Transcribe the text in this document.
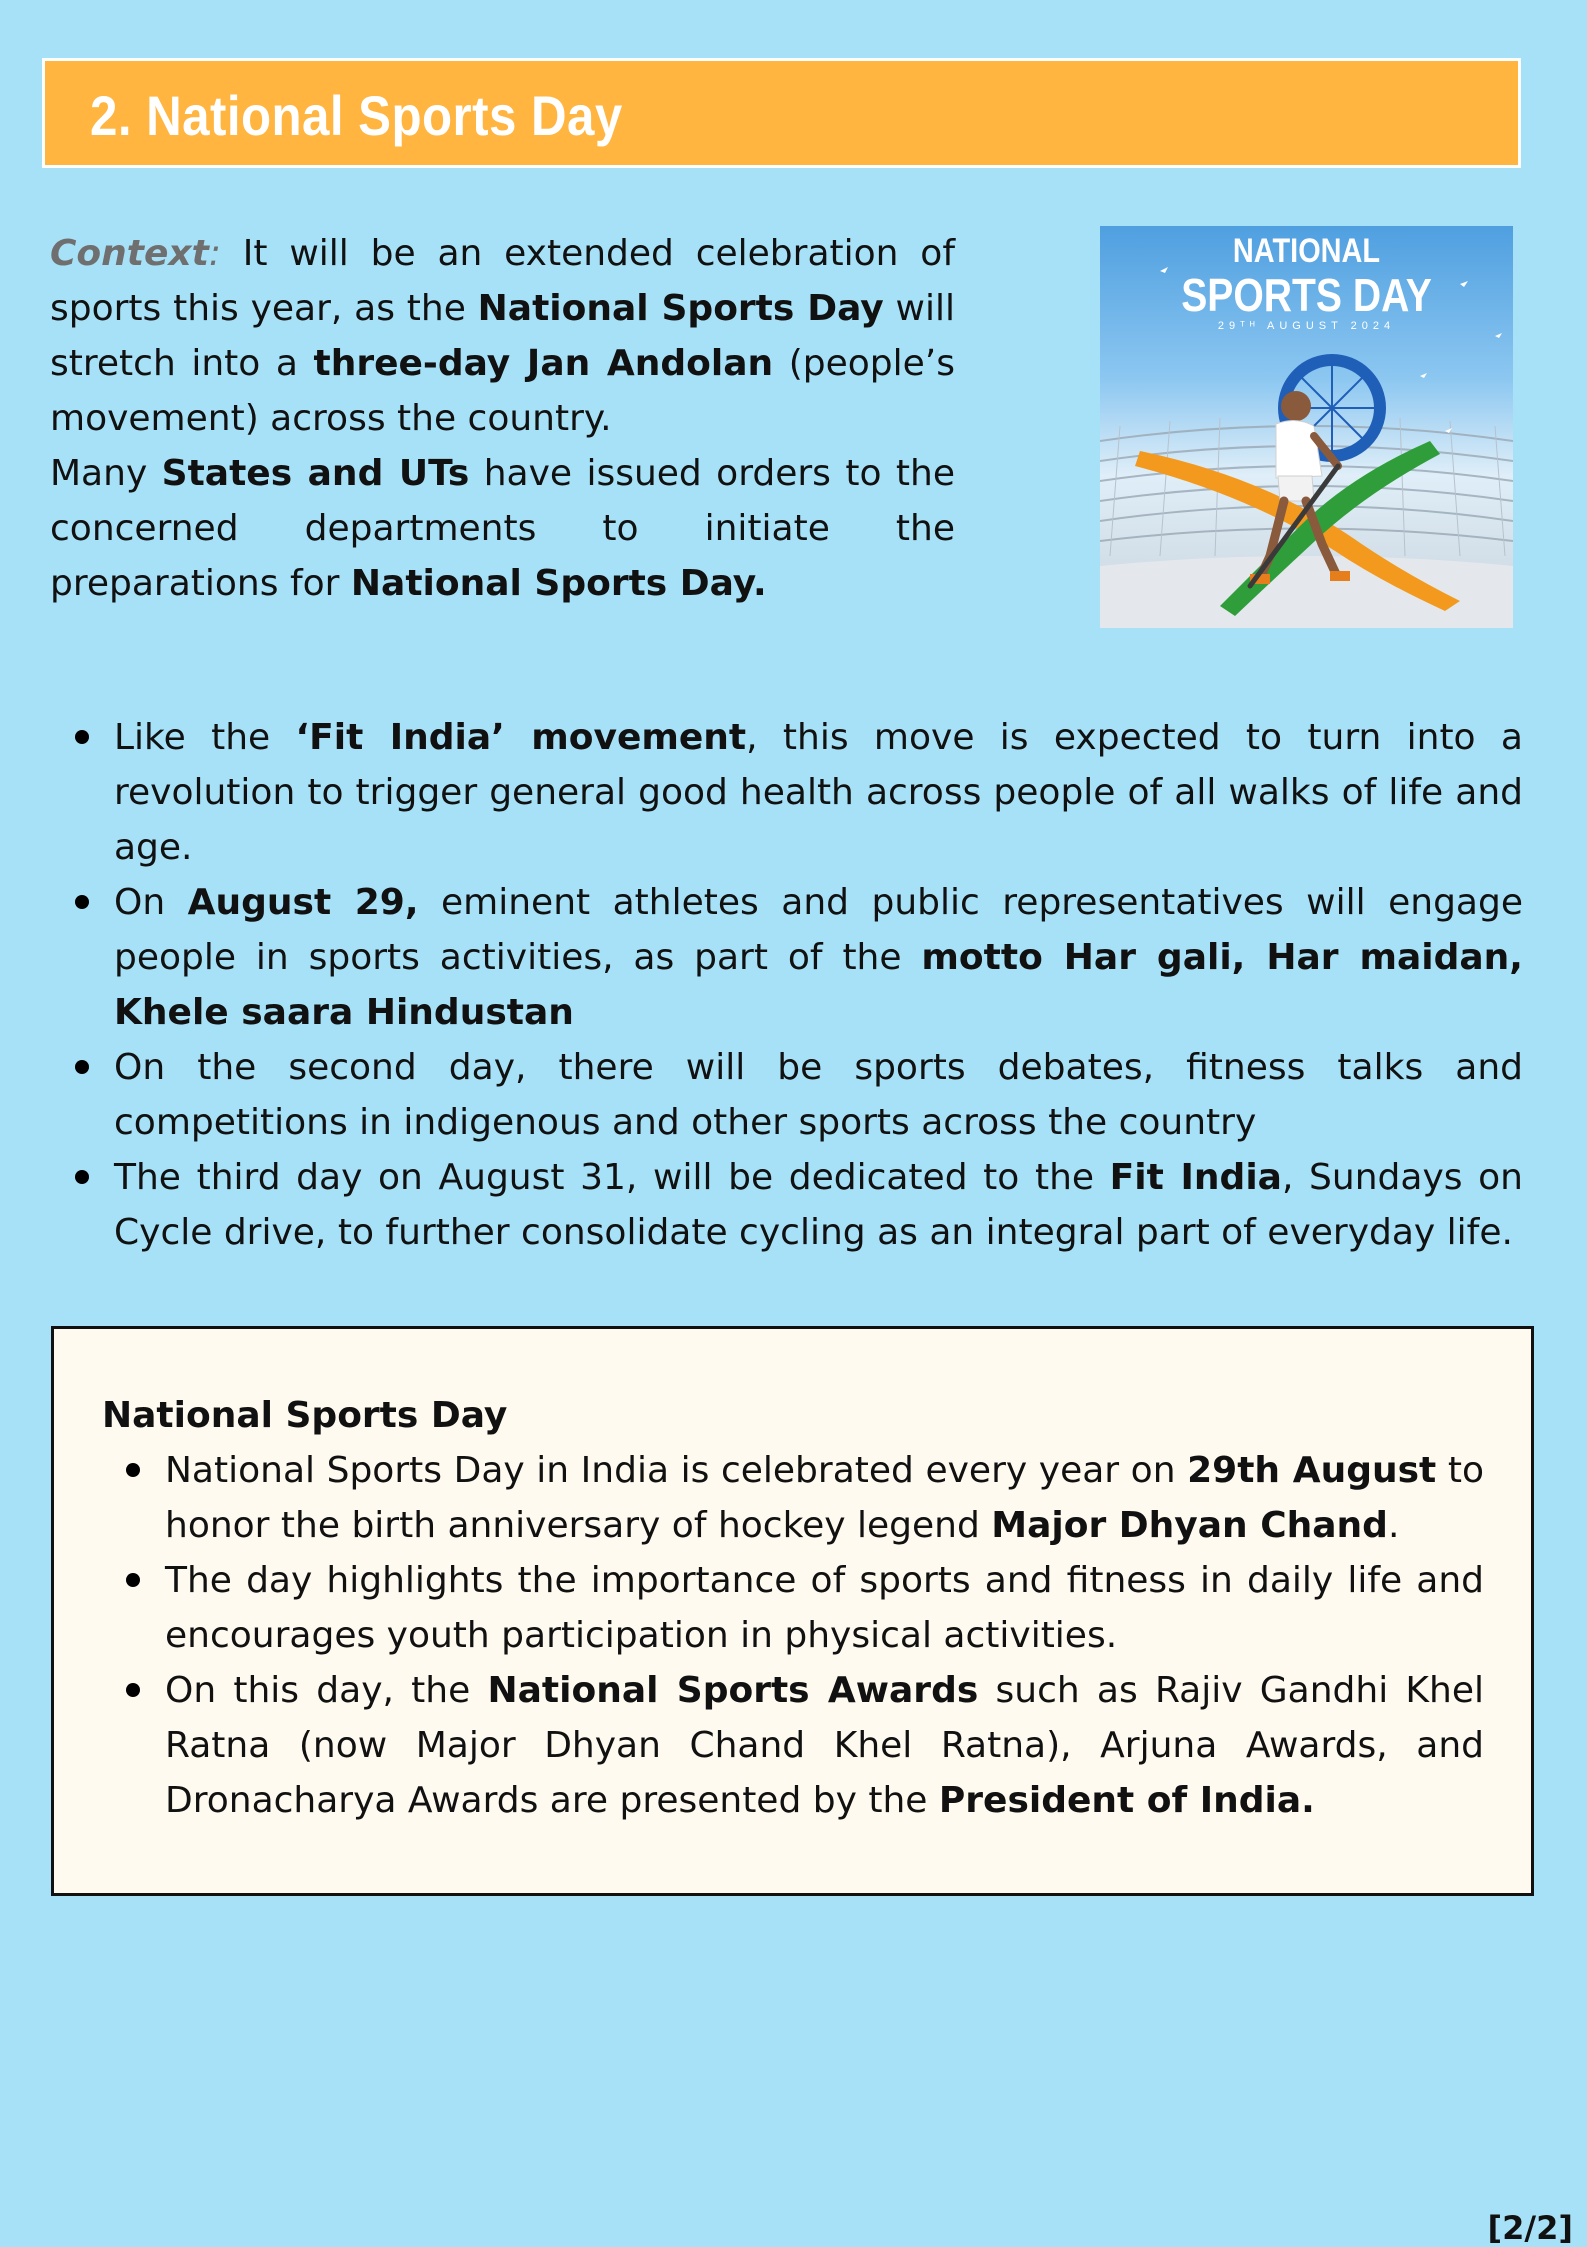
2. National Sports Day

Context: It will be an extended celebration of sports this year, as the National Sports Day will stretch into a three-day Jan Andolan (people’s movement) across the country.

Many States and UTs have issued orders to the concerned departments to initiate the preparations for National Sports Day.

NATIONAL
SPORTS DAY
29ᵀᴴ AUGUST 2024
Like the ‘Fit India’ movement, this move is expected to turn into a revolution to trigger general good health across people of all walks of life and age.
On August 29, eminent athletes and public representatives will engage people in sports activities, as part of the motto Har gali, Har maidan, Khele saara Hindustan
On the second day, there will be sports debates, fitness talks and competitions in indigenous and other sports across the country
The third day on August 31, will be dedicated to the Fit India, Sundays on Cycle drive, to further consolidate cycling as an integral part of everyday life.

National Sports Day

National Sports Day in India is celebrated every year on 29th August to honor the birth anniversary of hockey legend Major Dhyan Chand.
The day highlights the importance of sports and fitness in daily life and encourages youth participation in physical activities.
On this day, the National Sports Awards such as Rajiv Gandhi Khel Ratna (now Major Dhyan Chand Khel Ratna), Arjuna Awards, and Dronacharya Awards are presented by the President of India.
[2/2]
